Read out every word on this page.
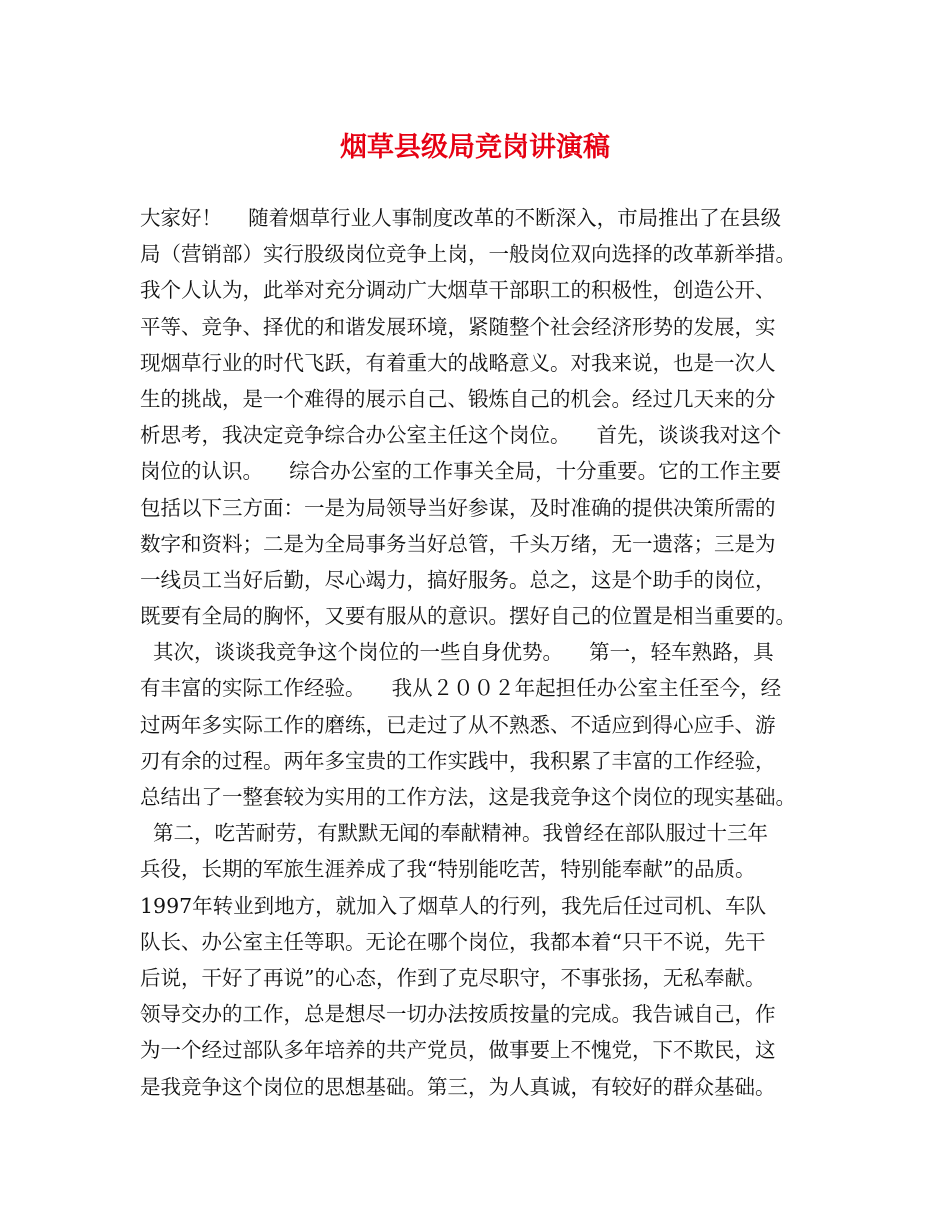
烟草县级局竞岗讲演稿
大家好！    随着烟草行业人事制度改革的不断深入，市局推出了在县级
局（营销部）实行股级岗位竞争上岗，一般岗位双向选择的改革新举措。
我个人认为，此举对充分调动广大烟草干部职工的积极性，创造公开、
平等、竞争、择优的和谐发展环境，紧随整个社会经济形势的发展，实
现烟草行业的时代飞跃，有着重大的战略意义。对我来说，也是一次人
生的挑战，是一个难得的展示自己、锻炼自己的机会。经过几天来的分
析思考，我决定竞争综合办公室主任这个岗位。    首先，谈谈我对这个
岗位的认识。    综合办公室的工作事关全局，十分重要。它的工作主要
包括以下三方面：一是为局领导当好参谋，及时准确的提供决策所需的
数字和资料；二是为全局事务当好总管，千头万绪，无一遗落；三是为
一线员工当好后勤，尽心竭力，搞好服务。总之，这是个助手的岗位，
既要有全局的胸怀，又要有服从的意识。摆好自己的位置是相当重要的。
其次，谈谈我竞争这个岗位的一些自身优势。    第一，轻车熟路，具
有丰富的实际工作经验。    我从２００２年起担任办公室主任至今，经
过两年多实际工作的磨练，已走过了从不熟悉、不适应到得心应手、游
刃有余的过程。两年多宝贵的工作实践中，我积累了丰富的工作经验，
总结出了一整套较为实用的工作方法，这是我竞争这个岗位的现实基础。
第二，吃苦耐劳，有默默无闻的奉献精神。我曾经在部队服过十三年
兵役，长期的军旅生涯养成了我“特别能吃苦，特别能奉献”的品质。
1997年转业到地方，就加入了烟草人的行列，我先后任过司机、车队
队长、办公室主任等职。无论在哪个岗位，我都本着“只干不说，先干
后说，干好了再说”的心态，作到了克尽职守，不事张扬，无私奉献。
领导交办的工作，总是想尽一切办法按质按量的完成。我告诫自己，作
为一个经过部队多年培养的共产党员，做事要上不愧党，下不欺民，这
是我竞争这个岗位的思想基础。第三，为人真诚，有较好的群众基础。
